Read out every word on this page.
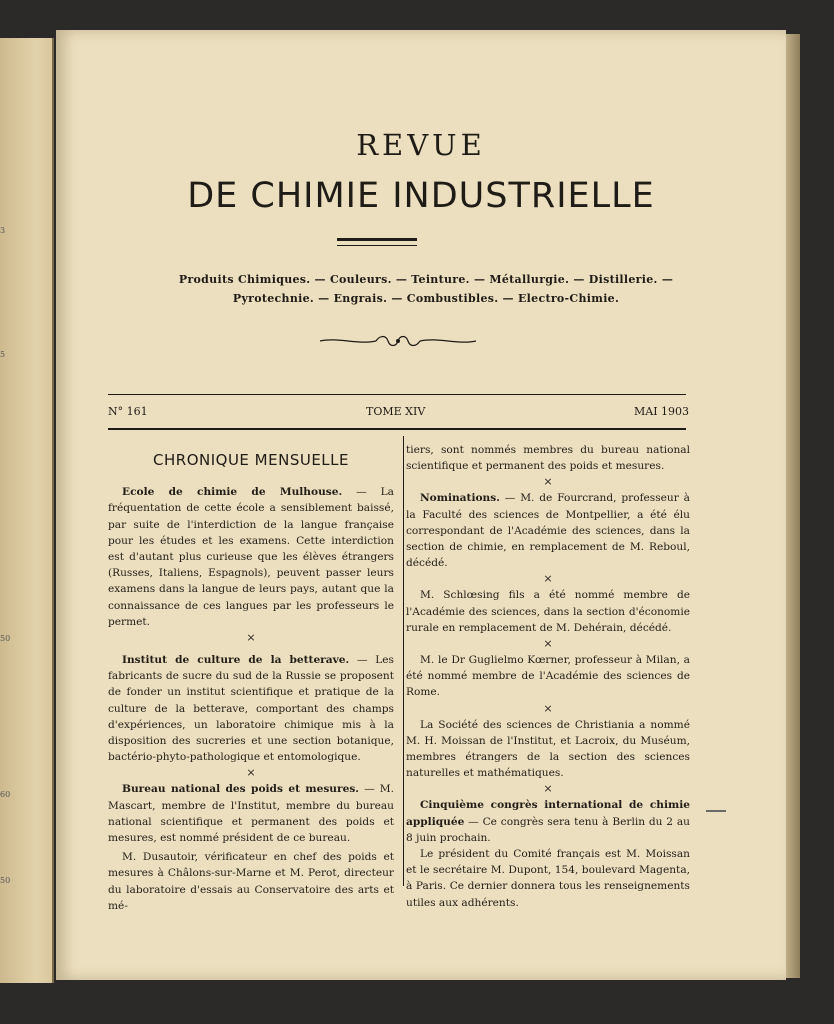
3
5
50
60
50
REVUE
DE CHIMIE INDUSTRIELLE
Produits Chimiques. — Couleurs. — Teinture. — Métallurgie. — Distillerie. —
Pyrotechnie. — Engrais. — Combustibles. — Electro-Chimie.
N° 161	TOME XIV	MAI 1903
CHRONIQUE MENSUELLE

Ecole de chimie de Mulhouse. — La fréquentation de cette école a sensiblement baissé, par suite de l'interdiction de la langue française pour les études et les examens. Cette interdiction est d'autant plus curieuse que les élèves étrangers (Russes, Italiens, Espagnols), peuvent passer leurs examens dans la langue de leurs pays, autant que la connaissance de ces langues par les professeurs le permet.

⨯

Institut de culture de la betterave. — Les fabricants de sucre du sud de la Russie se proposent de fonder un institut scientifique et pratique de la culture de la betterave, comportant des champs d'expériences, un laboratoire chimique mis à la disposition des sucreries et une section botanique, bactério-phyto-pathologique et entomologique.

⨯

Bureau national des poids et mesures. — M. Mascart, membre de l'Institut, membre du bureau national scientifique et permanent des poids et mesures, est nommé président de ce bureau.

M. Dusautoir, vérificateur en chef des poids et mesures à Châlons-sur-Marne et M. Perot, directeur du laboratoire d'essais au Conservatoire des arts et mé-

tiers, sont nommés membres du bureau national scientifique et permanent des poids et mesures.

⨯

Nominations. — M. de Fourcrand, professeur à la Faculté des sciences de Montpellier, a été élu correspondant de l'Académie des sciences, dans la section de chimie, en remplacement de M. Reboul, décédé.

⨯

M. Schlœsing fils a été nommé membre de l'Académie des sciences, dans la section d'économie rurale en remplacement de M. Dehérain, décédé.

⨯

M. le Dr Guglielmo Kœrner, professeur à Milan, a été nommé membre de l'Académie des sciences de Rome.

⨯

La Société des sciences de Christiania a nommé M. H. Moissan de l'Institut, et Lacroix, du Muséum, membres étrangers de la section des sciences naturelles et mathématiques.

⨯

Cinquième congrès international de chimie appliquée — Ce congrès sera tenu à Berlin du 2 au 8 juin prochain.

Le président du Comité français est M. Moissan et le secrétaire M. Dupont, 154, boulevard Magenta, à Paris. Ce dernier donnera tous les renseignements utiles aux adhérents.
